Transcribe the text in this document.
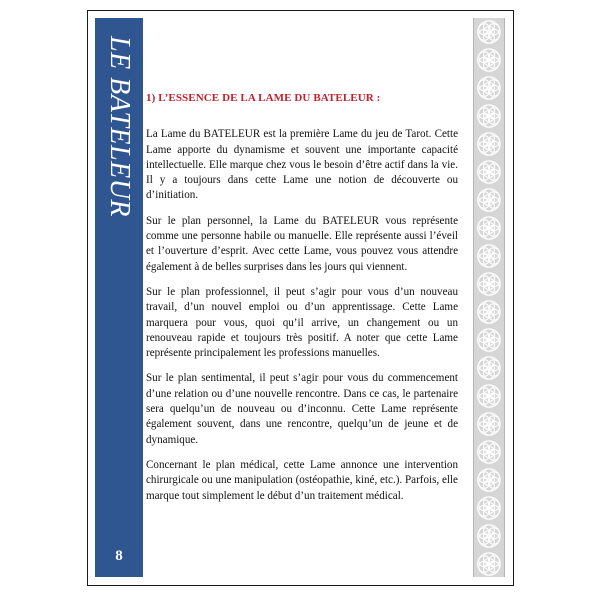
LE BATELEUR
8
1) L’ESSENCE DE LA LAME DU BATELEUR :

La Lame du BATELEUR est la première Lame du jeu de Tarot. Cette Lame apporte du dynamisme et souvent une importante capacité intellectuelle. Elle marque chez vous le besoin d’être actif dans la vie. Il y a toujours dans cette Lame une notion de découverte ou d’initiation.

Sur le plan personnel, la Lame du BATELEUR vous représente comme une personne habile ou manuelle. Elle représente aussi l’éveil et l’ouverture d’esprit. Avec cette Lame, vous pouvez vous attendre également à de belles surprises dans les jours qui viennent.

Sur le plan professionnel, il peut s’agir pour vous d’un nouveau travail, d’un nouvel emploi ou d’un apprentissage. Cette Lame marquera pour vous, quoi qu’il arrive, un changement ou un renouveau rapide et toujours très positif. A noter que cette Lame représente principalement les professions manuelles.

Sur le plan sentimental, il peut s’agir pour vous du commencement d’une relation ou d’une nouvelle rencontre. Dans ce cas, le partenaire sera quelqu’un de nouveau ou d’inconnu. Cette Lame représente également souvent, dans une rencontre, quelqu’un de jeune et de dynamique.

Concernant le plan médical, cette Lame annonce une intervention chirurgicale ou une manipulation (ostéopathie, kiné, etc.). Parfois, elle marque tout simplement le début d’un traitement médical.
